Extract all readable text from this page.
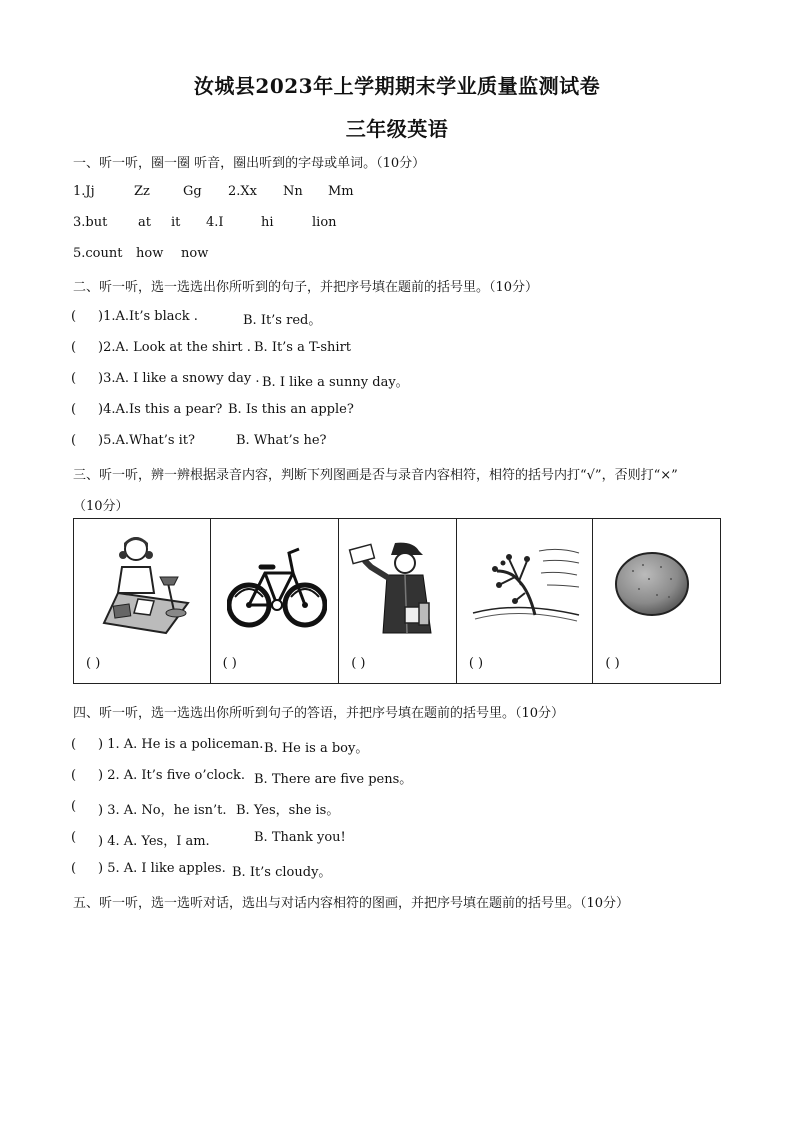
汝城县2023年上学期期末学业质量监测试卷
三年级英语
一、听一听，圈一圈 听音，圈出听到的字母或单词。（10分）
1.Jj	Zz	Gg 2.Xx Nn Mm
3.but at it 4.I	hi	lion
5.count how now
二、听一听，选一选选出你所听到的句子，并把序号填在题前的括号里。（10分）
( )1.A.It’s black .	B. It’s red。
( )2.A. Look at the shirt . B. It’s a T-shirt
( )3.A. I like a snowy day . B. I like a sunny day。
( )4.A.Is this a pear? B. Is this an apple?
( )5.A.What’s it?	B. What’s he?
三、听一听，辨一辨根据录音内容，判断下列图画是否与录音内容相符，相符的括号内打“√”，否则打“×”
（10分）
( )	( )	( )	( )	( )
四、听一听，选一选选出你所听到句子的答语，并把序号填在题前的括号里。（10分）
( ) 1. A. He is a policeman. B. He is a boy。
( ) 2. A. It’s five o’clock. B. There are five pens。
( ) 3. A. No，he isn’t. B. Yes，she is。
( ) 4. A. Yes，I am.	B. Thank you!
( ) 5. A. I like apples. B. It’s cloudy。
五、听一听，选一选听对话，选出与对话内容相符的图画，并把序号填在题前的括号里。（10分）
